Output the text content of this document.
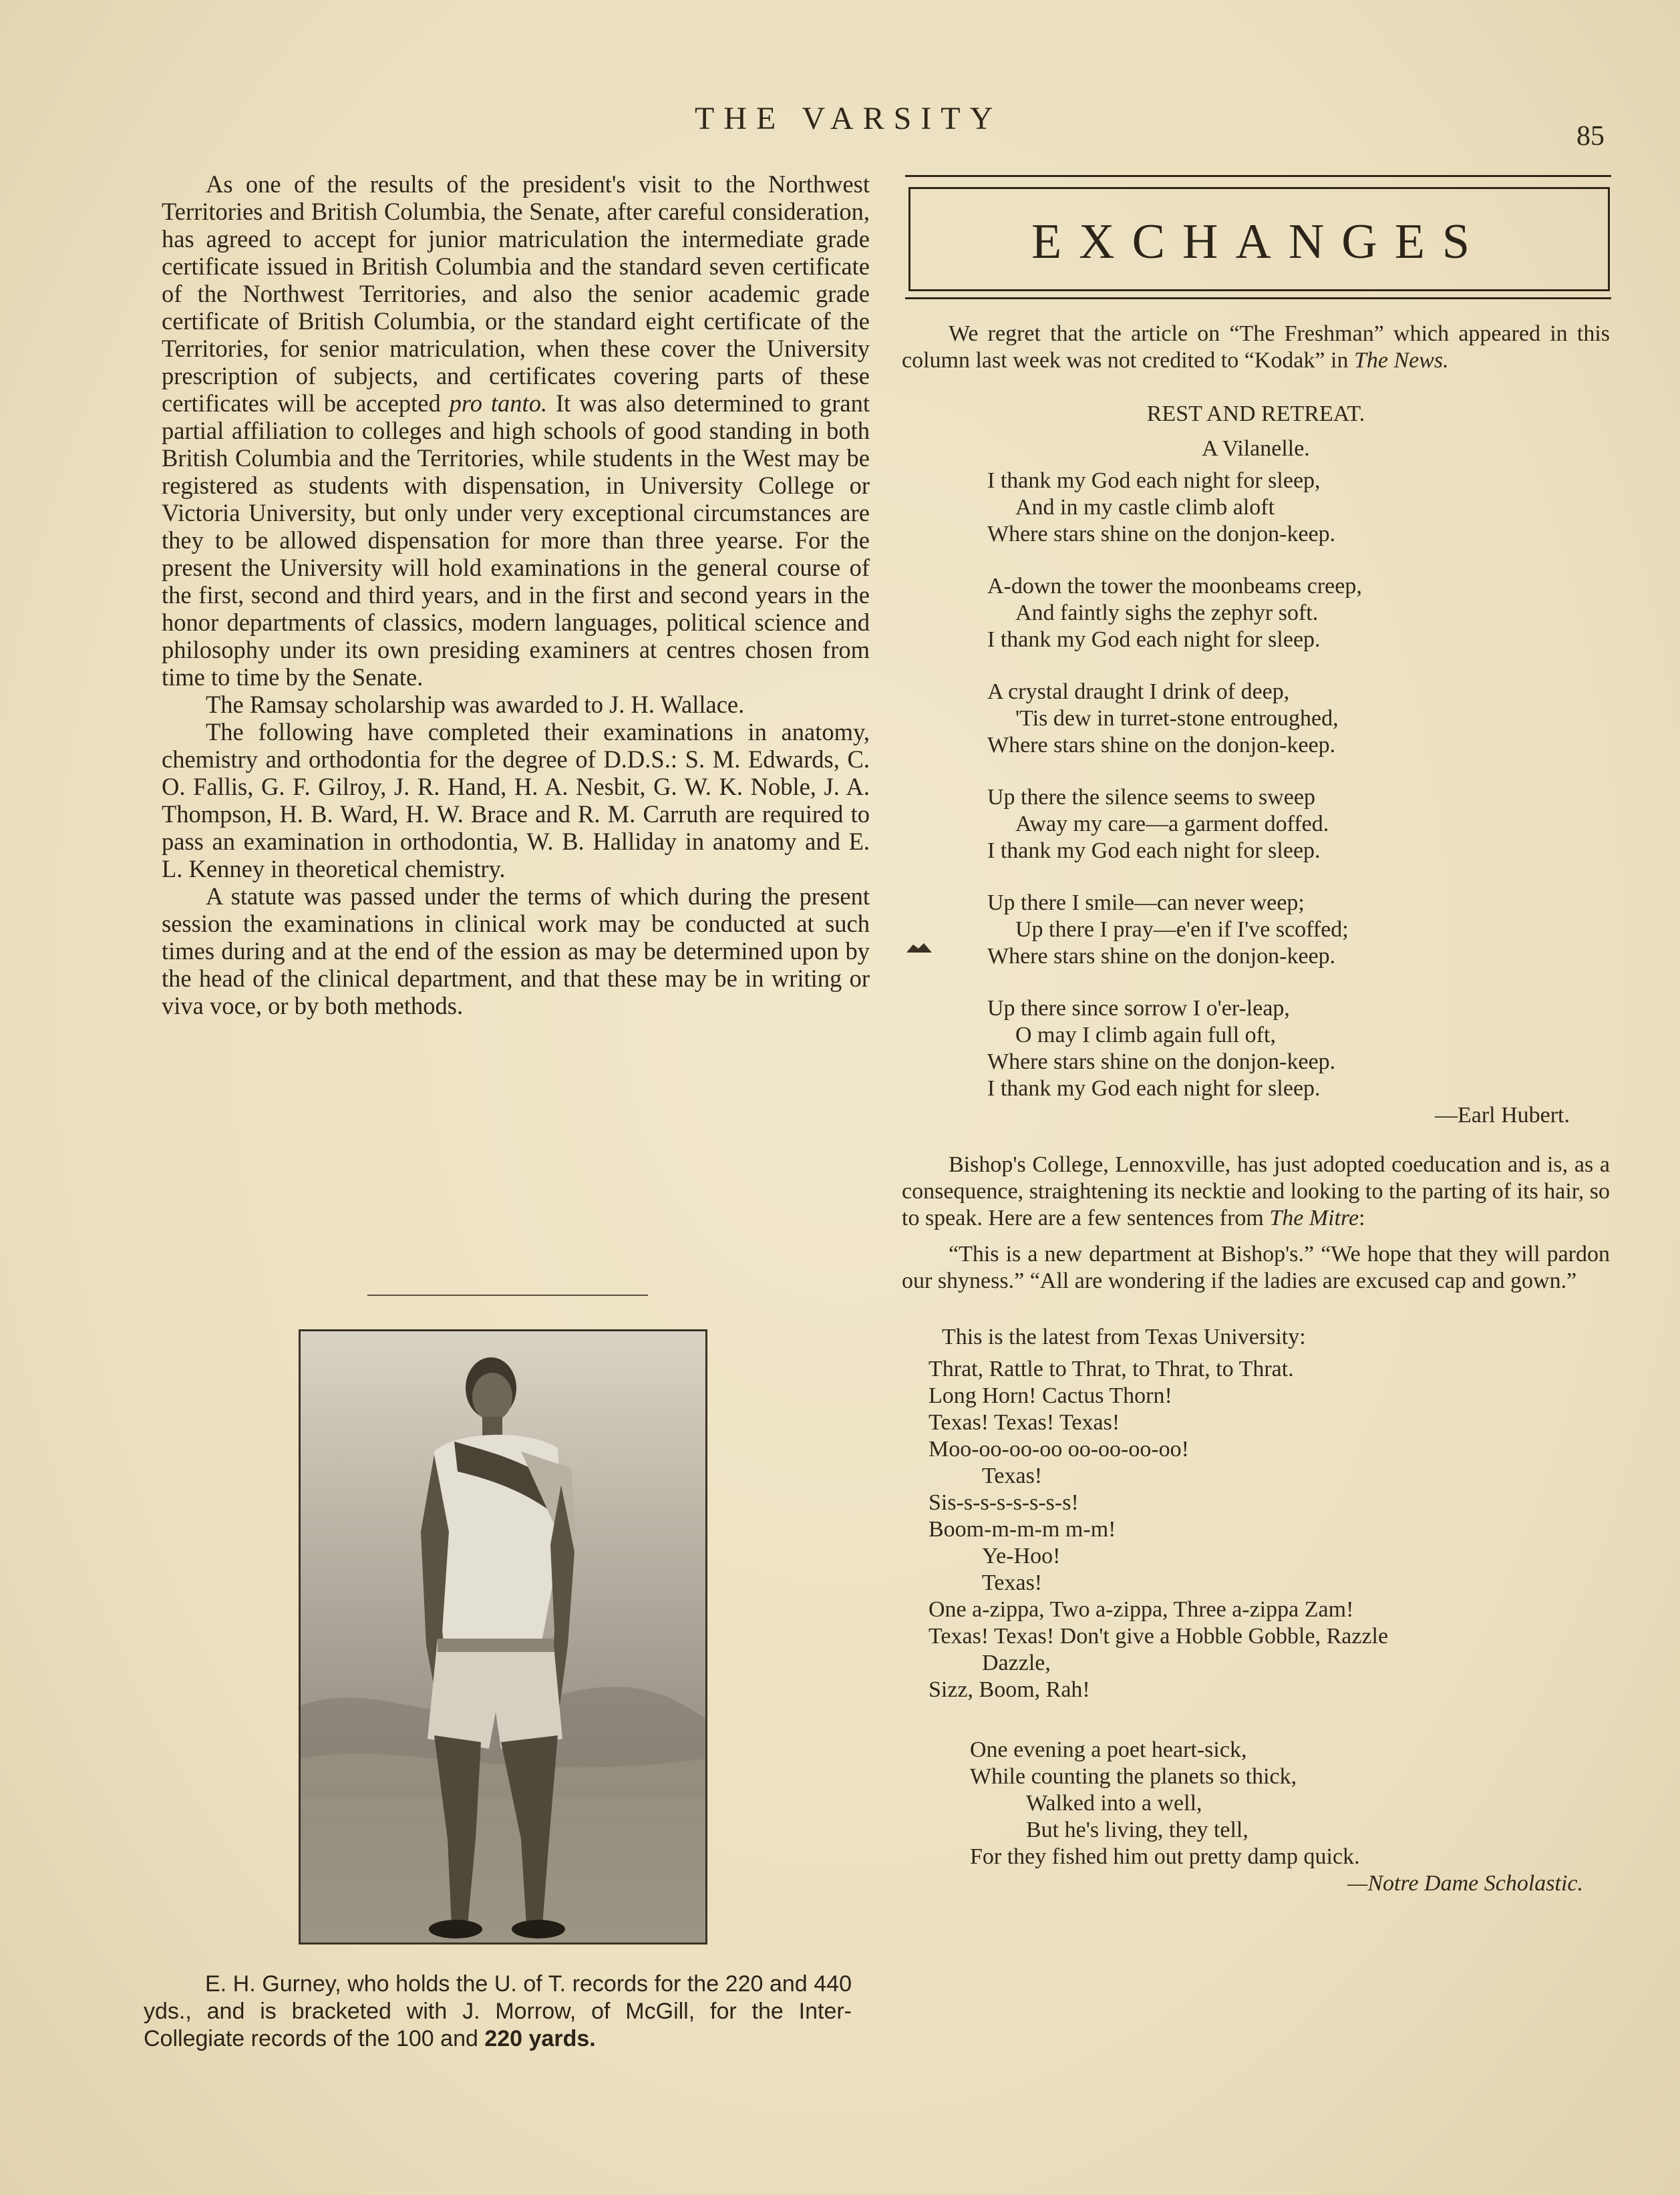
THE VARSITY	85

As one of the results of the president's visit to the Northwest Territories and British Columbia, the Senate, after careful consideration, has agreed to accept for junior matriculation the intermediate grade certificate issued in British Columbia and the standard seven certificate of the Northwest Territories, and also the senior academic grade certificate of British Columbia, or the standard eight certificate of the Territories, for senior matriculation, when these cover the University prescription of subjects, and certificates covering parts of these certificates will be accepted pro tanto. It was also determined to grant partial affiliation to colleges and high schools of good standing in both British Columbia and the Territories, while students in the West may be registered as students with dispensation, in University College or Victoria University, but only under very exceptional circumstances are they to be allowed dispensation for more than three yearse. For the present the University will hold examinations in the general course of the first, second and third years, and in the first and second years in the honor departments of classics, modern languages, political science and philosophy under its own presiding examiners at centres chosen from time to time by the Senate.

The Ramsay scholarship was awarded to J. H. Wallace.

The following have completed their examinations in anatomy, chemistry and orthodontia for the degree of D.D.S.: S. M. Edwards, C. O. Fallis, G. F. Gilroy, J. R. Hand, H. A. Nesbit, G. W. K. Noble, J. A. Thompson, H. B. Ward, H. W. Brace and R. M. Carruth are required to pass an examination in orthodontia, W. B. Halliday in anatomy and E. L. Kenney in theoretical chemistry.

A statute was passed under the terms of which during the present session the examinations in clinical work may be conducted at such times during and at the end of the ession as may be determined upon by the head of the clinical department, and that these may be in writing or viva voce, or by both methods.

E. H. Gurney, who holds the U. of T. records for the 220 and 440 yds., and is bracketed with J. Morrow, of McGill, for the Inter-Collegiate records of the 100 and 220 yards.
EXCHANGES

We regret that the article on “The Freshman” which appeared in this column last week was not credited to “Kodak” in The News.

REST AND RETREAT.

A Vilanelle.

I thank my God each night for sleep,
And in my castle climb aloft
Where stars shine on the donjon-keep.
A-down the tower the moonbeams creep,
And faintly sighs the zephyr soft.
I thank my God each night for sleep.
A crystal draught I drink of deep,
'Tis dew in turret-stone entroughed,
Where stars shine on the donjon-keep.
Up there the silence seems to sweep
Away my care—a garment doffed.
I thank my God each night for sleep.
Up there I smile—can never weep;
Up there I pray—e'en if I've scoffed;
Where stars shine on the donjon-keep.
Up there since sorrow I o'er-leap,
O may I climb again full oft,
Where stars shine on the donjon-keep.
I thank my God each night for sleep.

—Earl Hubert.

Bishop's College, Lennoxville, has just adopted coeducation and is, as a consequence, straightening its necktie and looking to the parting of its hair, so to speak. Here are a few sentences from The Mitre:

“This is a new department at Bishop's.” “We hope that they will pardon our shyness.” “All are wondering if the ladies are excused cap and gown.”

This is the latest from Texas University:
Thrat, Rattle to Thrat, to Thrat, to Thrat.
Long Horn! Cactus Thorn!
Texas! Texas! Texas!
Moo-oo-oo-oo oo-oo-oo-oo!
Texas!
Sis-s-s-s-s-s-s-s!
Boom-m-m-m m-m!
Ye-Hoo!
Texas!
One a-zippa, Two a-zippa, Three a-zippa Zam!
Texas! Texas! Don't give a Hobble Gobble, Razzle
Dazzle,
Sizz, Boom, Rah!
One evening a poet heart-sick,
While counting the planets so thick,
Walked into a well,
But he's living, they tell,
For they fished him out pretty damp quick.

—Notre Dame Scholastic.
